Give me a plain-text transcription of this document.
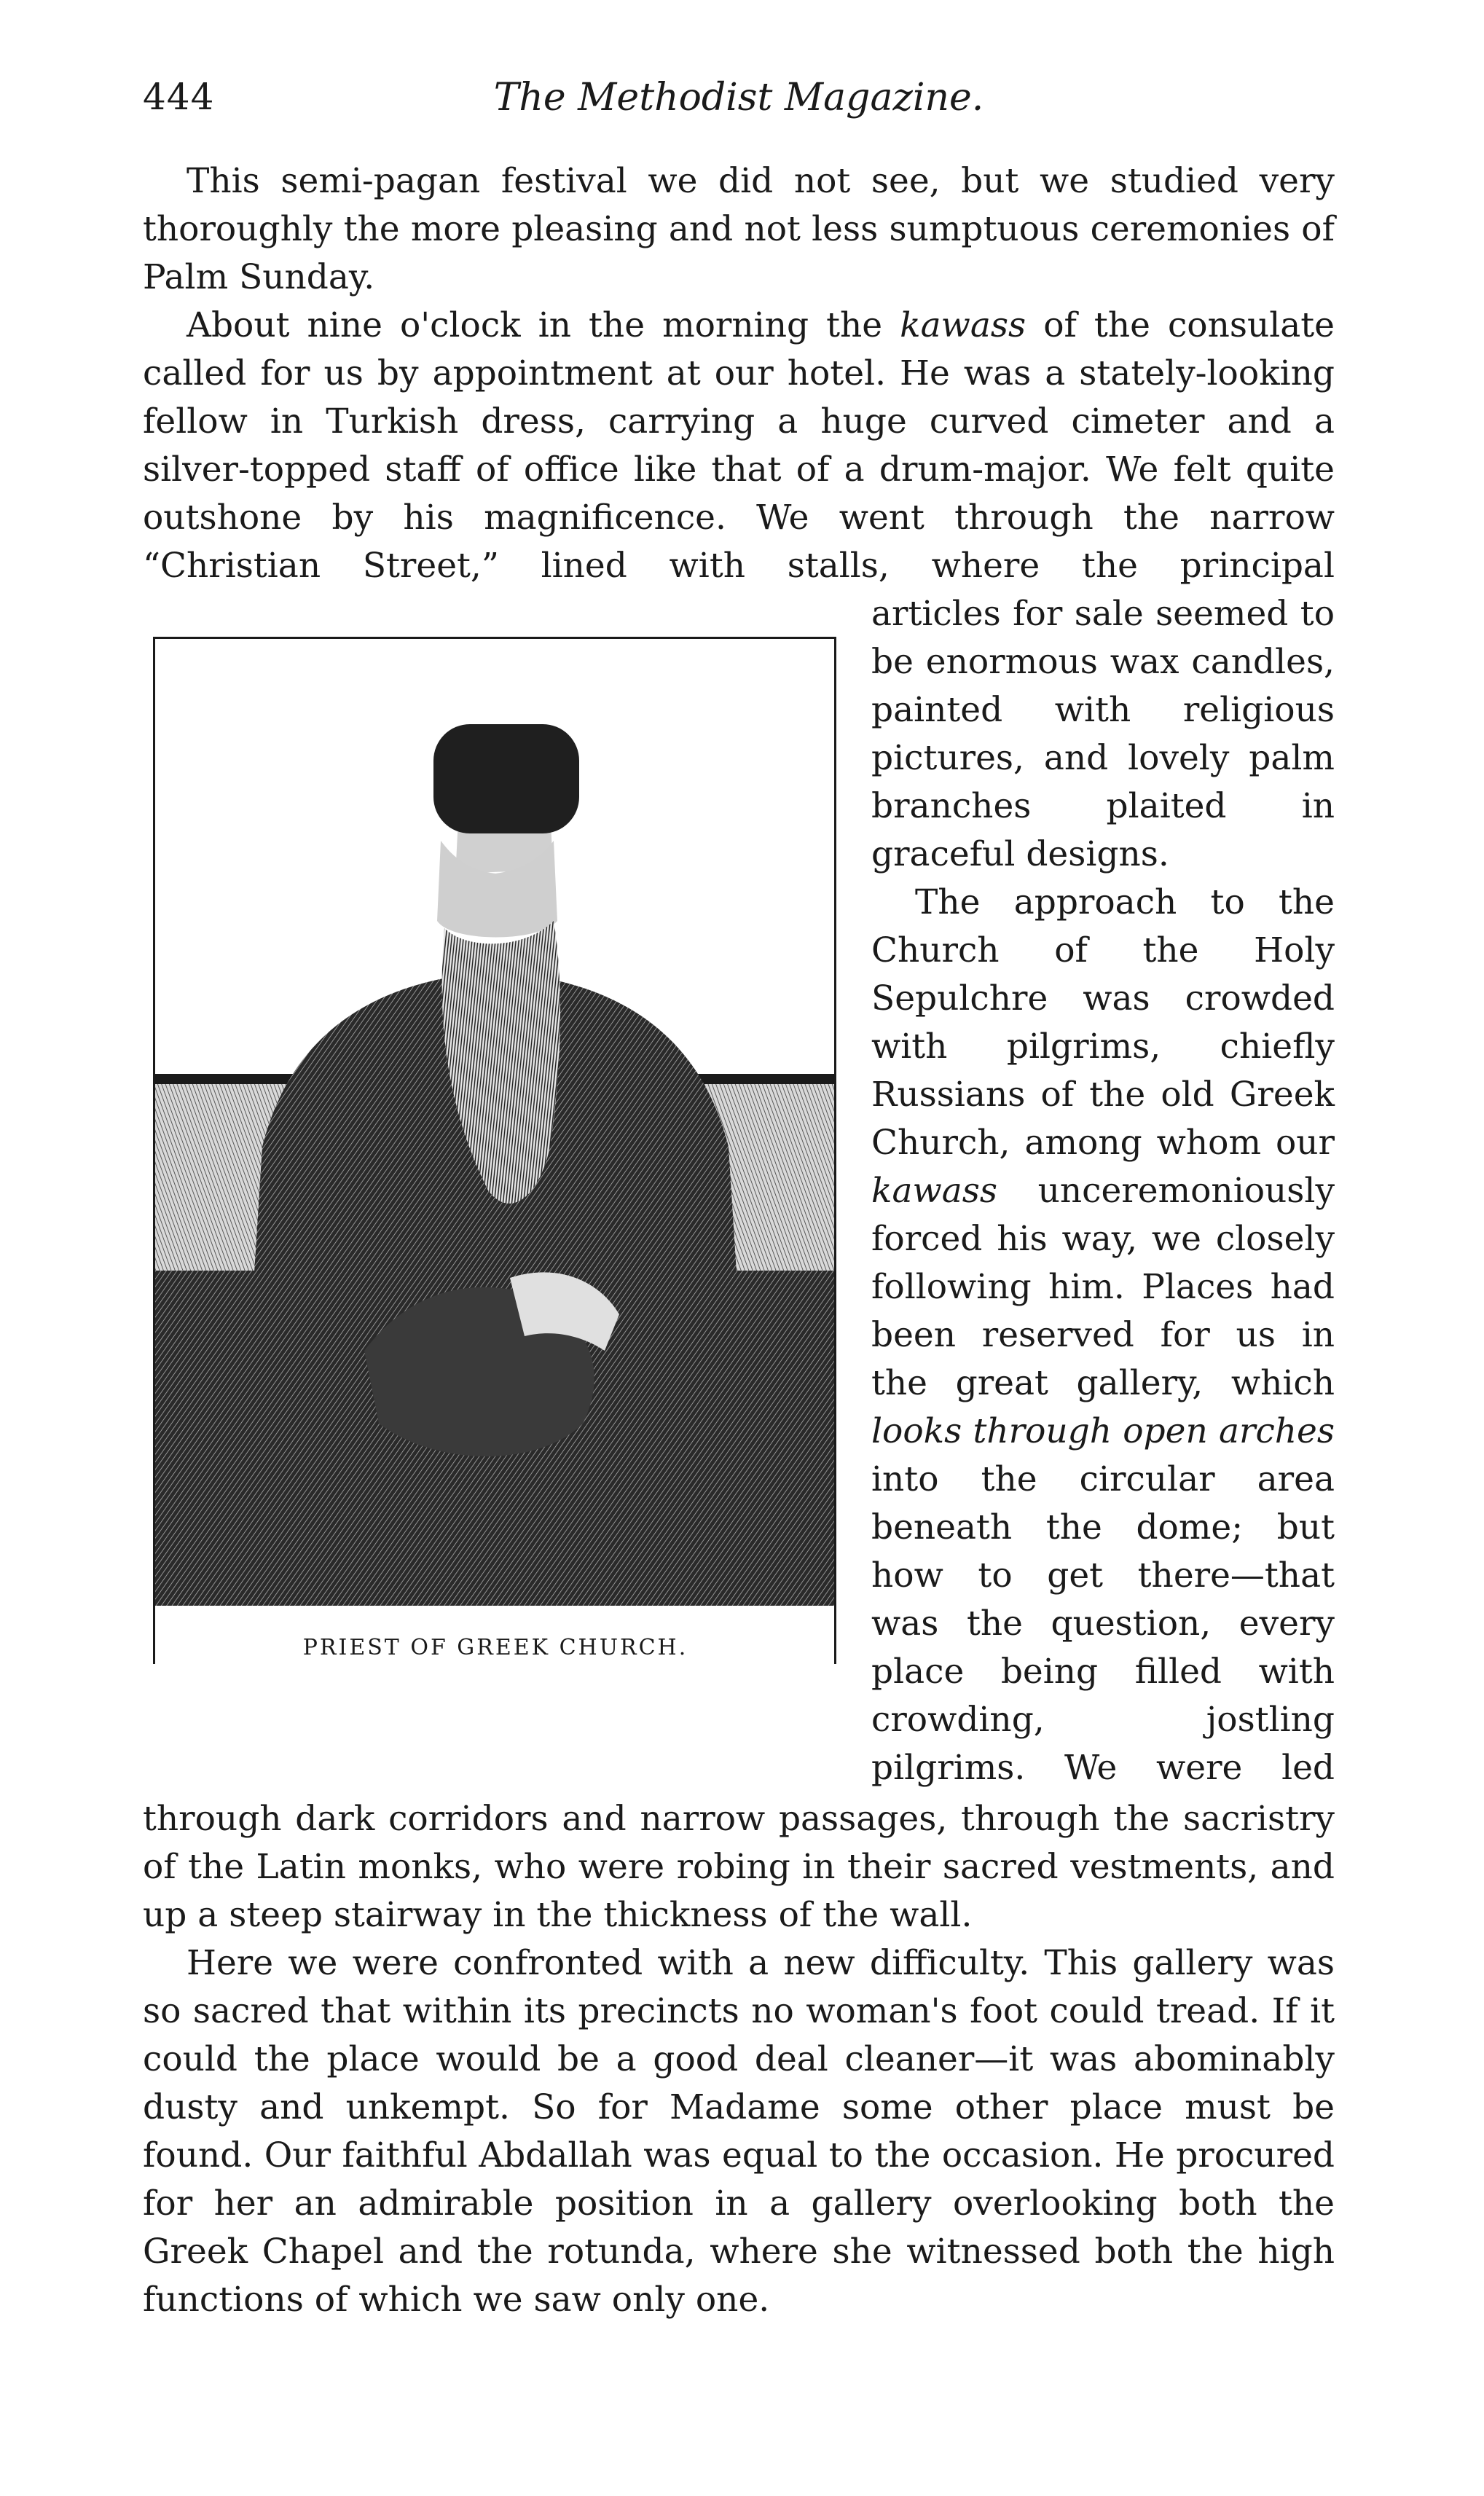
444	The Methodist Magazine.

This semi-pagan festival we did not see, but we studied very thoroughly the more pleasing and not less sumptuous ceremonies of Palm Sunday.

About nine o'clock in the morning the kawass of the consulate called for us by appointment at our hotel. He was a stately-looking fellow in Turkish dress, carrying a huge curved cimeter and a silver-topped staff of office like that of a drum-major. We felt quite outshone by his magnificence. We went through the narrow “Christian Street,” lined with stalls, where the principal

PRIEST OF GREEK CHURCH.

articles for sale seemed to be enormous wax candles, painted with religious pictures, and lovely palm branches plaited in graceful designs.

The approach to the Church of the Holy Sepulchre was crowded with pilgrims, chiefly Russians of the old Greek Church, among whom our kawass unceremoniously forced his way, we closely following him. Places had been reserved for us in the great gallery, which looks through open arches into the circular area beneath the dome; but how to get there—that was the question, every place being filled with crowding, jostling pilgrims. We were led

through dark corridors and narrow passages, through the sacristry of the Latin monks, who were robing in their sacred vestments, and up a steep stairway in the thickness of the wall.

Here we were confronted with a new difficulty. This gallery was so sacred that within its precincts no woman's foot could tread. If it could the place would be a good deal cleaner—it was abominably dusty and unkempt. So for Madame some other place must be found. Our faithful Abdallah was equal to the occasion. He procured for her an admirable position in a gallery overlooking both the Greek Chapel and the rotunda, where she witnessed both the high functions of which we saw only one.
